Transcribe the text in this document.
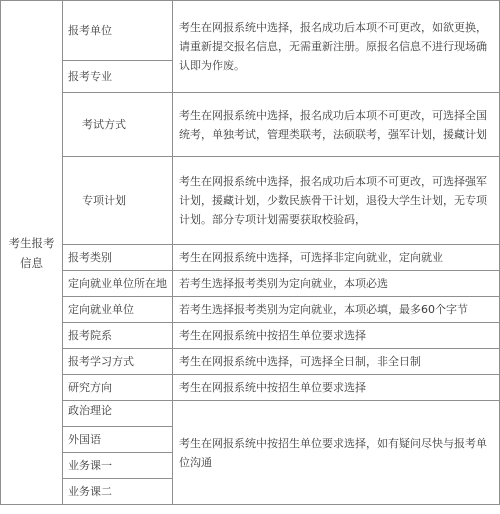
考生报考信息	报考单位	考生在网报系统中选择，报名成功后本项不可更改，如欲更换，请重新提交报名信息，无需重新注册。原报名信息不进行现场确认即为作废。

	报考专业	
	考试方式	考生在网报系统中选择，报名成功后本项不可更改，可选择全国统考，单独考试，管理类联考，法硕联考，强军计划，援藏计划
	专项计划	考生在网报系统中选择，报名成功后本项不可更改，可选择强军计划，援藏计划，少数民族骨干计划，退役大学生计划，无专项计划。部分专项计划需要获取校验码，
	报考类别	考生在网报系统中选择，可选择非定向就业，定向就业
	定向就业单位所在地	若考生选择报考类别为定向就业，本项必选
	定向就业单位	若考生选择报考类别为定向就业，本项必填，最多60个字节
	报考院系	考生在网报系统中按招生单位要求选择
	报考学习方式	考生在网报系统中选择，可选择全日制，非全日制
	研究方向	考生在网报系统中按招生单位要求选择
	政治理论	考生在网报系统中按招生单位要求选择，如有疑问尽快与报考单位沟通
	外国语	
	业务课一	
	业务课二	
